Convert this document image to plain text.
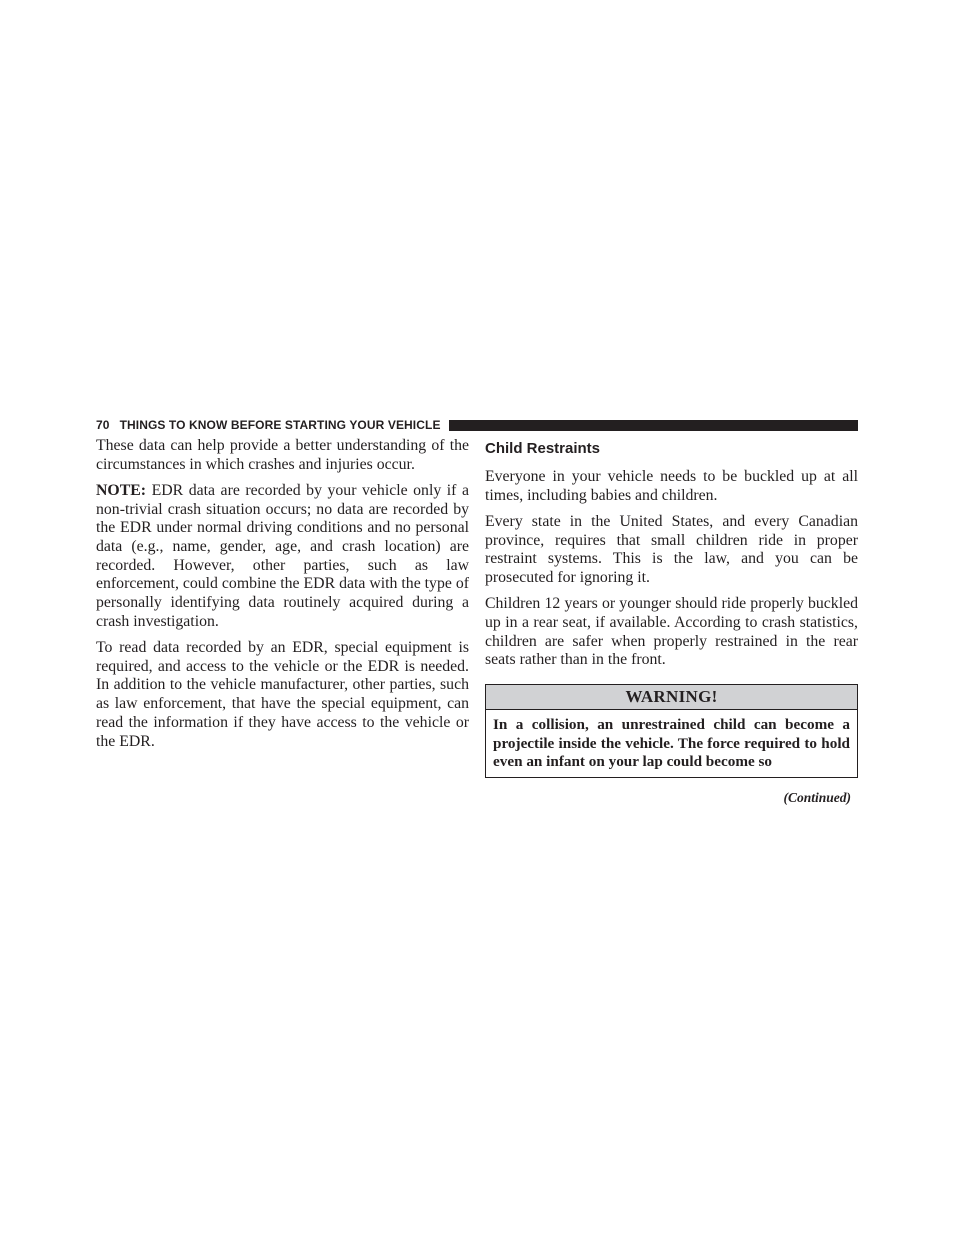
70 THINGS TO KNOW BEFORE STARTING YOUR VEHICLE

These data can help provide a better understanding of the circumstances in which crashes and injuries occur.

NOTE: EDR data are recorded by your vehicle only if a non-trivial crash situation occurs; no data are recorded by the EDR under normal driving conditions and no personal data (e.g., name, gender, age, and crash location) are recorded. However, other parties, such as law enforcement, could combine the EDR data with the type of personally identifying data routinely acquired during a crash investigation.

To read data recorded by an EDR, special equipment is required, and access to the vehicle or the EDR is needed. In addition to the vehicle manufacturer, other parties, such as law enforcement, that have the special equipment, can read the information if they have access to the vehicle or the EDR.

Child Restraints

Everyone in your vehicle needs to be buckled up at all times, including babies and children.

Every state in the United States, and every Canadian province, requires that small children ride in proper restraint systems. This is the law, and you can be prosecuted for ignoring it.

Children 12 years or younger should ride properly buckled up in a rear seat, if available. According to crash statistics, children are safer when properly restrained in the rear seats rather than in the front.

WARNING!
In a collision, an unrestrained child can become a projectile inside the vehicle. The force required to hold even an infant on your lap could become so
(Continued)
